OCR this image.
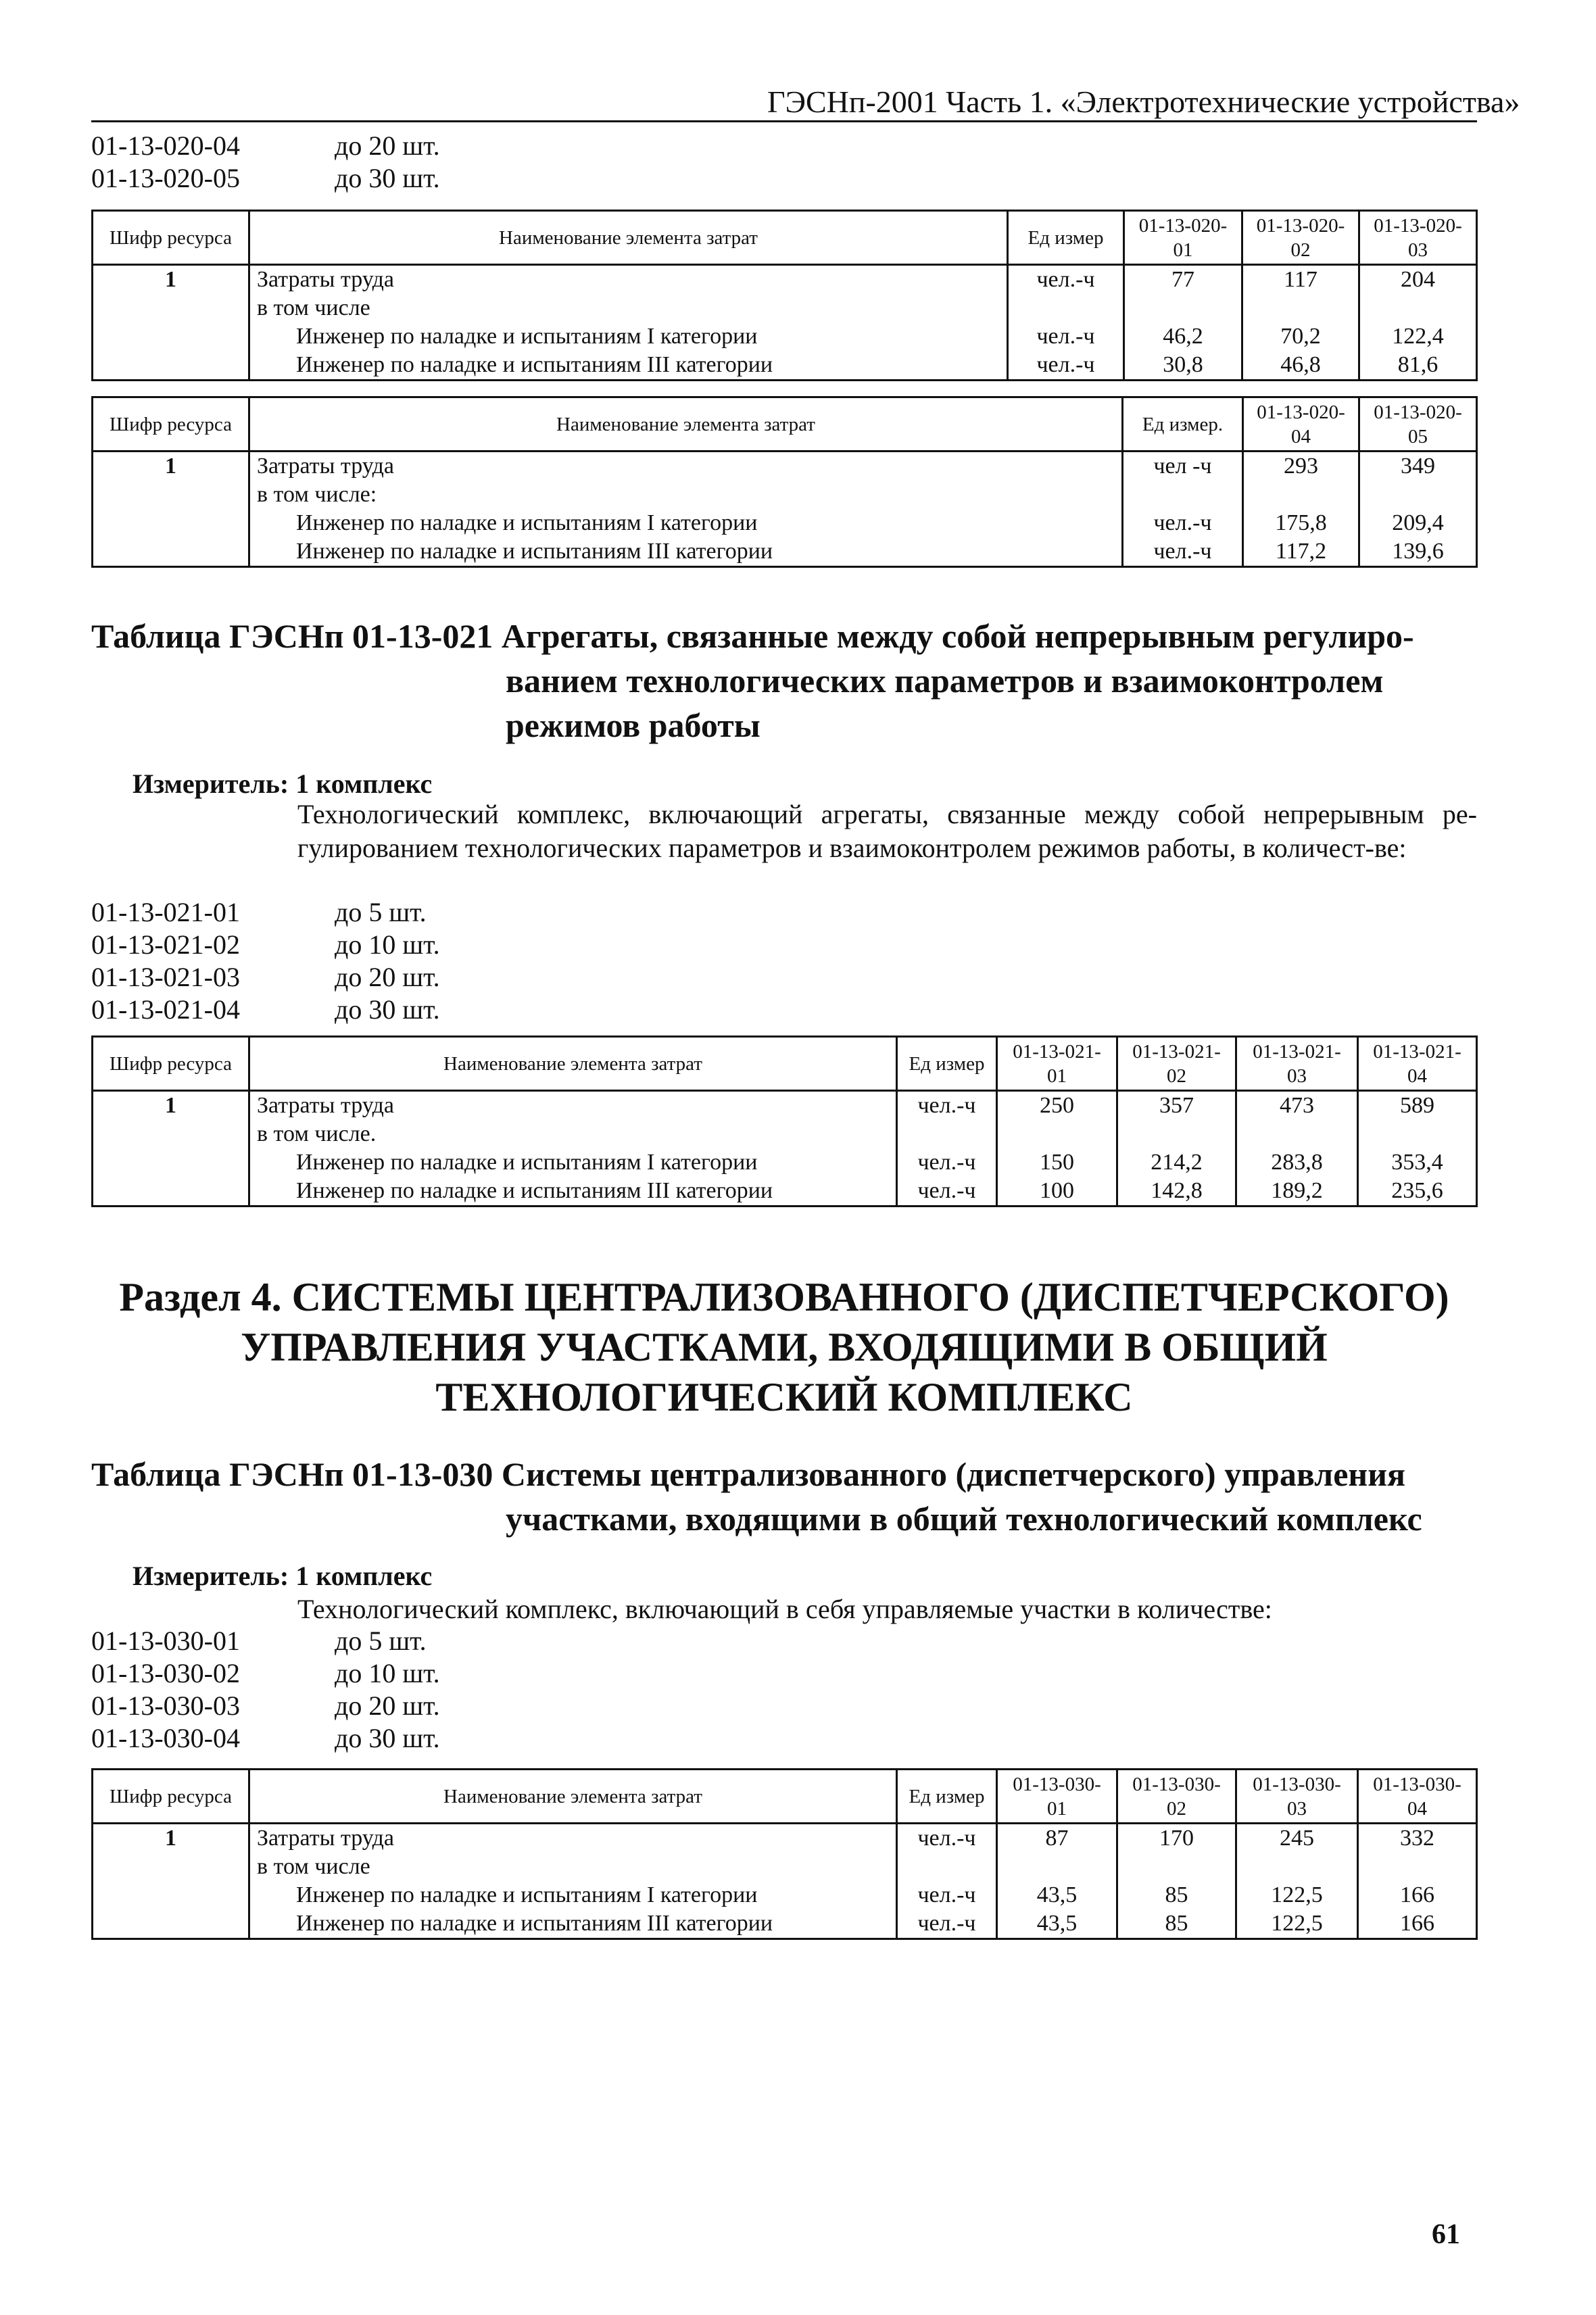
ГЭСНп-2001 Часть 1. «Электротехнические устройства»
01-13-020-04	до 20 шт.
01-13-020-05	до 30 шт.
Шифр ресурса	Наименование элемента затрат	Ед измер	01-13-020-01	01-13-020-02	01-13-020-03
1	Затраты труда	чел.-ч	77	117	204
	в том числе				
	Инженер по наладке и испытаниям I категории	чел.-ч	46,2	70,2	122,4
	Инженер по наладке и испытаниям III категории	чел.-ч	30,8	46,8	81,6
Шифр ресурса	Наименование элемента затрат	Ед измер.	01-13-020-04	01-13-020-05
1	Затраты труда	чел -ч	293	349
	в том числе:			
	Инженер по наладке и испытаниям I категории	чел.-ч	175,8	209,4
	Инженер по наладке и испытаниям III категории	чел.-ч	117,2	139,6
Таблица ГЭСНп 01-13-021 Агрегаты, связанные между собой непрерывным регулиро-
ванием технологических параметров и взаимоконтролем
режимов работы
Измеритель: 1 комплекс
Технологический комплекс, включающий агрегаты, связанные между собой непрерывным ре-гулированием технологических параметров и взаимоконтролем режимов работы, в количест-ве:
01-13-021-01	до 5 шт.
01-13-021-02	до 10 шт.
01-13-021-03	до 20 шт.
01-13-021-04	до 30 шт.
Шифр ресурса	Наименование элемента затрат	Ед измер	01-13-021-01	01-13-021-02	01-13-021-03	01-13-021-04
1	Затраты труда	чел.-ч	250	357	473	589
	в том числе.					
	Инженер по наладке и испытаниям I категории	чел.-ч	150	214,2	283,8	353,4
	Инженер по наладке и испытаниям III категории	чел.-ч	100	142,8	189,2	235,6
Раздел 4. СИСТЕМЫ ЦЕНТРАЛИЗОВАННОГО (ДИСПЕТЧЕРСКОГО)
УПРАВЛЕНИЯ УЧАСТКАМИ, ВХОДЯЩИМИ В ОБЩИЙ
ТЕХНОЛОГИЧЕСКИЙ КОМПЛЕКС
Таблица ГЭСНп 01-13-030 Системы централизованного (диспетчерского) управления
участками, входящими в общий технологический комплекс
Измеритель: 1 комплекс
Технологический комплекс, включающий в себя управляемые участки в количестве:
01-13-030-01	до 5 шт.
01-13-030-02	до 10 шт.
01-13-030-03	до 20 шт.
01-13-030-04	до 30 шт.
Шифр ресурса	Наименование элемента затрат	Ед измер	01-13-030-01	01-13-030-02	01-13-030-03	01-13-030-04
1	Затраты труда	чел.-ч	87	170	245	332
	в том числе					
	Инженер по наладке и испытаниям I категории	чел.-ч	43,5	85	122,5	166
	Инженер по наладке и испытаниям III категории	чел.-ч	43,5	85	122,5	166
61
